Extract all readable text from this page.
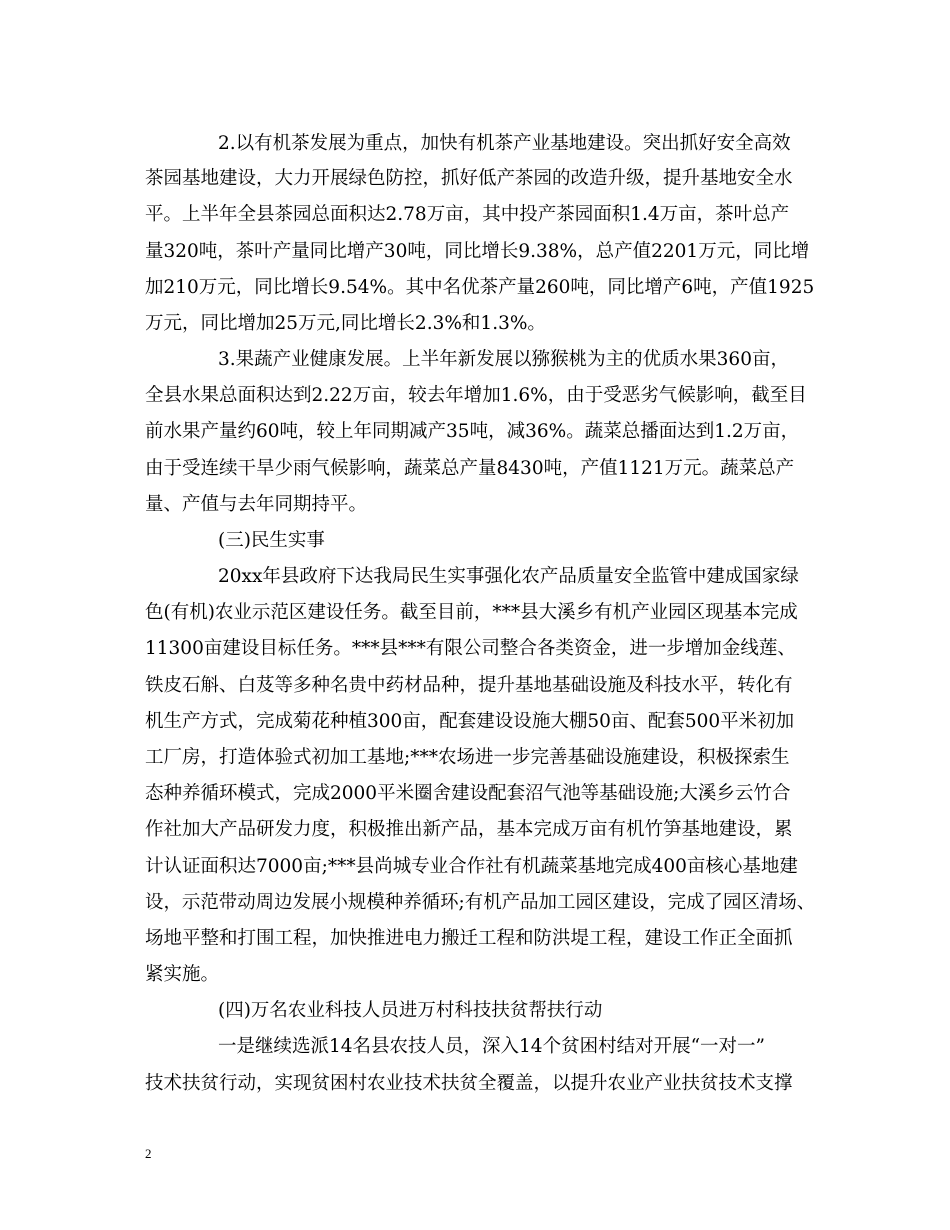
2.以有机茶发展为重点，加快有机茶产业基地建设。突出抓好安全高效
茶园基地建设，大力开展绿色防控，抓好低产茶园的改造升级，提升基地安全水
平。上半年全县茶园总面积达2.78万亩，其中投产茶园面积1.4万亩，茶叶总产
量320吨，茶叶产量同比增产30吨，同比增长9.38%，总产值2201万元，同比增
加210万元，同比增长9.54%。其中名优茶产量260吨，同比增产6吨，产值1925
万元，同比增加25万元,同比增长2.3%和1.3%。
3.果蔬产业健康发展。上半年新发展以猕猴桃为主的优质水果360亩，
全县水果总面积达到2.22万亩，较去年增加1.6%，由于受恶劣气候影响，截至目
前水果产量约60吨，较上年同期减产35吨，减36%。蔬菜总播面达到1.2万亩，
由于受连续干旱少雨气候影响，蔬菜总产量8430吨，产值1121万元。蔬菜总产
量、产值与去年同期持平。
(三)民生实事
20xx年县政府下达我局民生实事强化农产品质量安全监管中建成国家绿
色(有机)农业示范区建设任务。截至目前，***县大溪乡有机产业园区现基本完成
11300亩建设目标任务。***县***有限公司整合各类资金，进一步增加金线莲、
铁皮石斛、白芨等多种名贵中药材品种，提升基地基础设施及科技水平，转化有
机生产方式，完成菊花种植300亩，配套建设设施大棚50亩、配套500平米初加
工厂房，打造体验式初加工基地;***农场进一步完善基础设施建设，积极探索生
态种养循环模式，完成2000平米圈舍建设配套沼气池等基础设施;大溪乡云竹合
作社加大产品研发力度，积极推出新产品，基本完成万亩有机竹笋基地建设，累
计认证面积达7000亩;***县尚城专业合作社有机蔬菜基地完成400亩核心基地建
设，示范带动周边发展小规模种养循环;有机产品加工园区建设，完成了园区清场、
场地平整和打围工程，加快推进电力搬迁工程和防洪堤工程，建设工作正全面抓
紧实施。
(四)万名农业科技人员进万村科技扶贫帮扶行动
一是继续选派14名县农技人员，深入14个贫困村结对开展“一对一”
技术扶贫行动，实现贫困村农业技术扶贫全覆盖，以提升农业产业扶贫技术支撑
2
